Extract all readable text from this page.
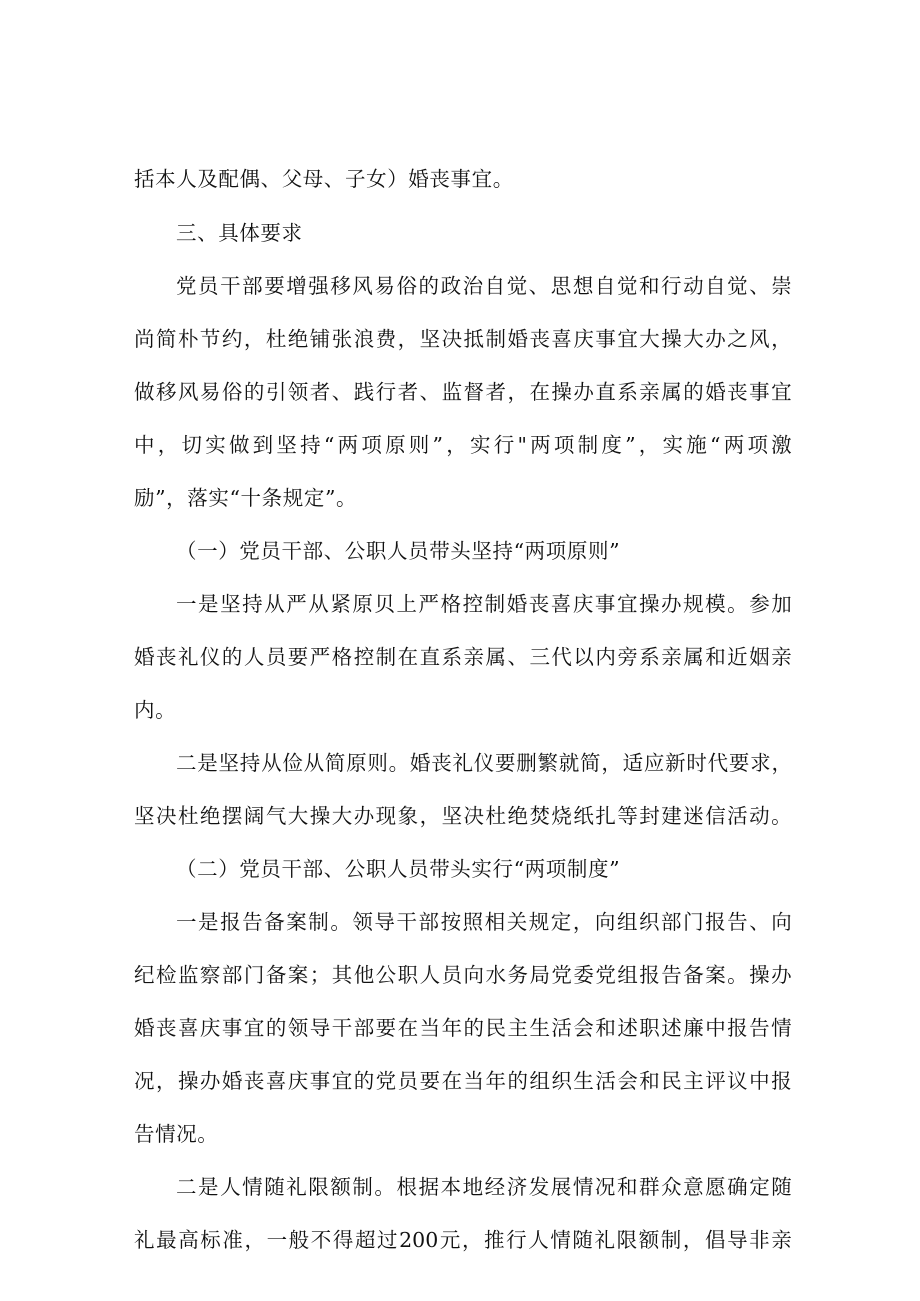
括本人及配偶、父母、子女）婚丧事宜。
三、具体要求
党 员 干 部 要 增 强 移 风 易 俗 的 政 治 自 觉 、 思 想 自 觉 和 行 动 自 觉 、 崇
尚 简 朴 节 约 ， 杜 绝 铺 张 浪 费 ， 坚 决 抵 制 婚 丧 喜 庆 事 宜 大 操 大 办 之 风 ，
做 移 风 易 俗 的 引 领 者 、 践 行 者 、 监 督 者 ， 在 操 办 直 系 亲 属 的 婚 丧 事 宜
中 ， 切 实 做 到 坚 持 “ 两 项 原 则 ” ， 实 行 " 两 项 制 度 ” ， 实 施 “ 两 项 激
励”，落实“十条规定”。
（一）党员干部、公职人员带头坚持“两项原则”
一 是 坚 持 从 严 从 紧 原 贝 上 严 格 控 制 婚 丧 喜 庆 事 宜 操 办 规 模 。 参 加
婚 丧 礼 仪 的 人 员 要 严 格 控 制 在 直 系 亲 属 、 三 代 以 内 旁 系 亲 属 和 近 姻 亲
内。
二 是 坚 持 从 俭 从 简 原 则 。 婚 丧 礼 仪 要 删 繁 就 简 ， 适 应 新 时 代 要 求 ，
坚 决 杜 绝 摆 阔 气 大 操 大 办 现 象 ， 坚 决 杜 绝 焚 烧 纸 扎 等 封 建 迷 信 活 动 。
（二）党员干部、公职人员带头实行“两项制度”
一 是 报 告 备 案 制 。 领 导 干 部 按 照 相 关 规 定 ， 向 组 织 部 门 报 告 、 向
纪 检 监 察 部 门 备 案 ； 其 他 公 职 人 员 向 水 务 局 党 委 党 组 报 告 备 案 。 操 办
婚 丧 喜 庆 事 宜 的 领 导 干 部 要 在 当 年 的 民 主 生 活 会 和 述 职 述 廉 中 报 告 情
况 ， 操 办 婚 丧 喜 庆 事 宜 的 党 员 要 在 当 年 的 组 织 生 活 会 和 民 主 评 议 中 报
告情况。
二 是 人 情 随 礼 限 额 制 。 根 据 本 地 经 济 发 展 情 况 和 群 众 意 愿 确 定 随
礼 最 高 标 准 ， 一 般 不 得 超 过 200 元 ， 推 行 人 情 随 礼 限 额 制 ， 倡 导 非 亲
